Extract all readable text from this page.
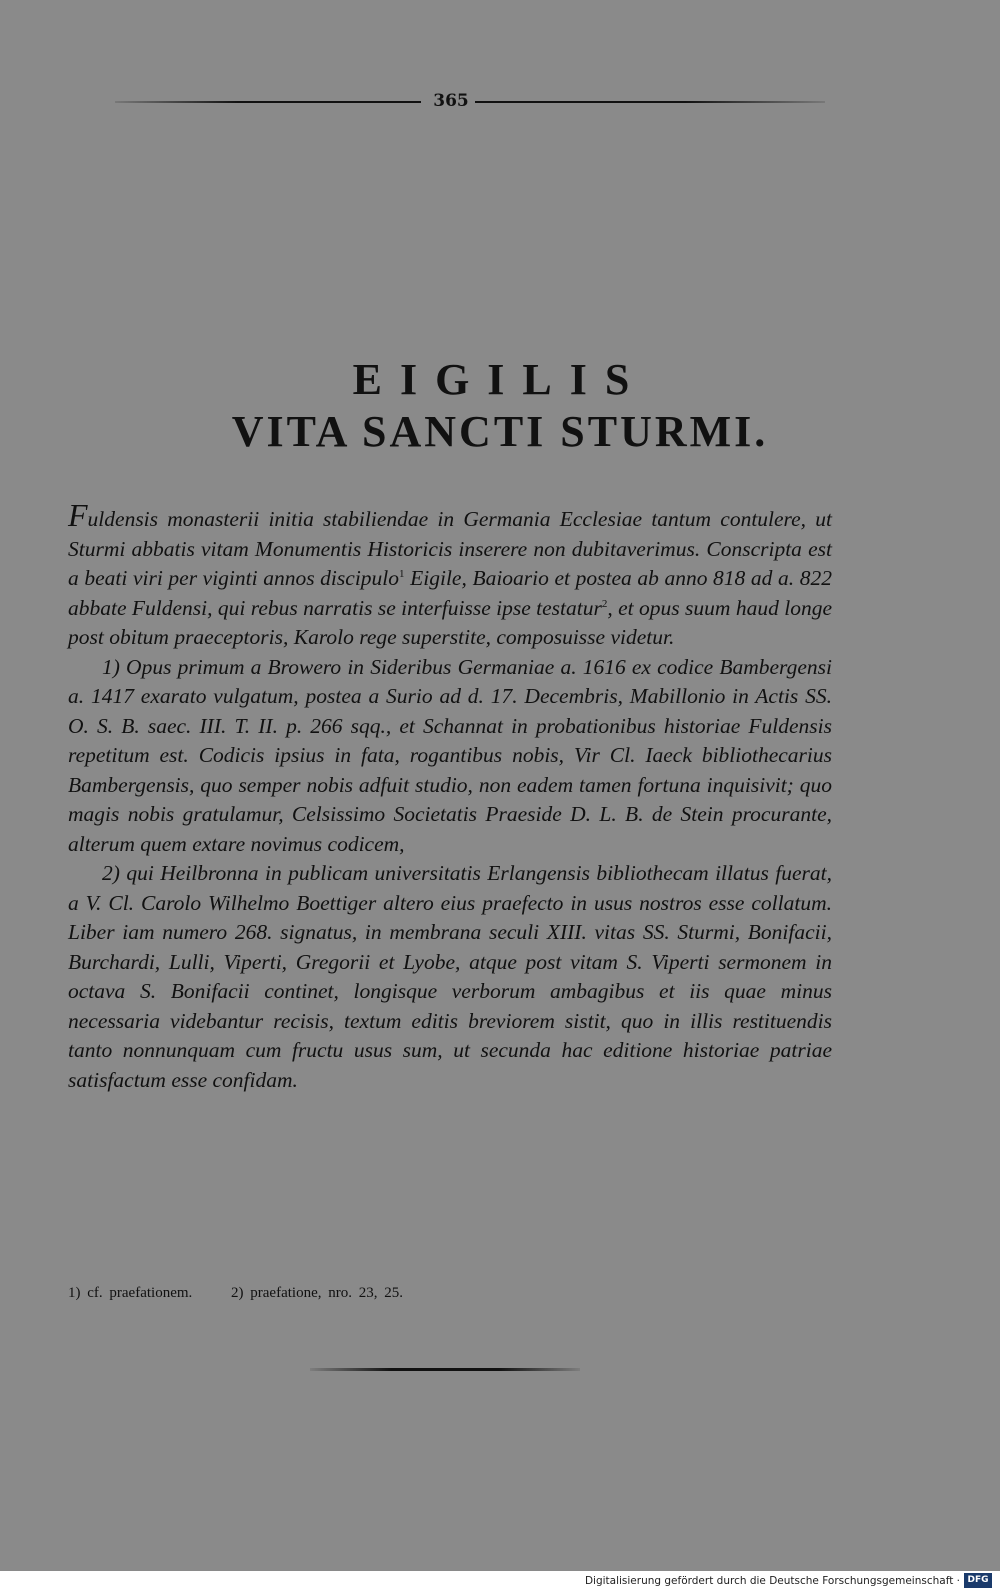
365
EIGILIS
VITA SANCTI STURMI.

Fuldensis monasterii initia stabiliendae in Germania Ecclesiae tantum contulere, ut Sturmi abbatis vitam Monumentis Historicis inserere non dubitaverimus. Conscripta est a beati viri per viginti annos discipulo$^1$ Eigile, Baioario et postea ab anno 818 ad a. 822 abbate Fuldensi, qui rebus narratis se interfuisse ipse testatur$^2$, et opus suum haud longe post obitum praeceptoris, Karolo rege superstite, composuisse videtur.

1) Opus primum a Browero in Sideribus Germaniae a. 1616 ex codice Bambergensi a. 1417 exarato vulgatum, postea a Surio ad d. 17. Decembris, Mabillonio in Actis SS. O. S. B. saec. III. T. II. p. 266 sqq., et Schannat in probationibus historiae Fuldensis repetitum est. Codicis ipsius in fata, rogantibus nobis, Vir Cl. Iaeck bibliothecarius Bambergensis, quo semper nobis adfuit studio, non eadem tamen fortuna inquisivit; quo magis nobis gratulamur, Celsissimo Societatis Praeside D. L. B. de Stein procurante, alterum quem extare novimus codicem,

2) qui Heilbronna in publicam universitatis Erlangensis bibliothecam illatus fuerat, a V. Cl. Carolo Wilhelmo Boettiger altero eius praefecto in usus nostros esse collatum. Liber iam numero 268. signatus, in membrana seculi XIII. vitas SS. Sturmi, Bonifacii, Burchardi, Lulli, Viperti, Gregorii et Lyobe, atque post vitam S. Viperti sermonem in octava S. Bonifacii continet, longisque verborum ambagibus et iis quae minus necessaria videbantur recisis, textum editis breviorem sistit, quo in illis restituendis tanto nonnunquam cum fructu usus sum, ut secunda hac editione historiae patriae satisfactum esse confidam.

1) cf. praefationem.	2) praefatione, nro. 23, 25.
Digitalisierung gefördert durch die Deutsche Forschungsgemeinschaft · DFG
